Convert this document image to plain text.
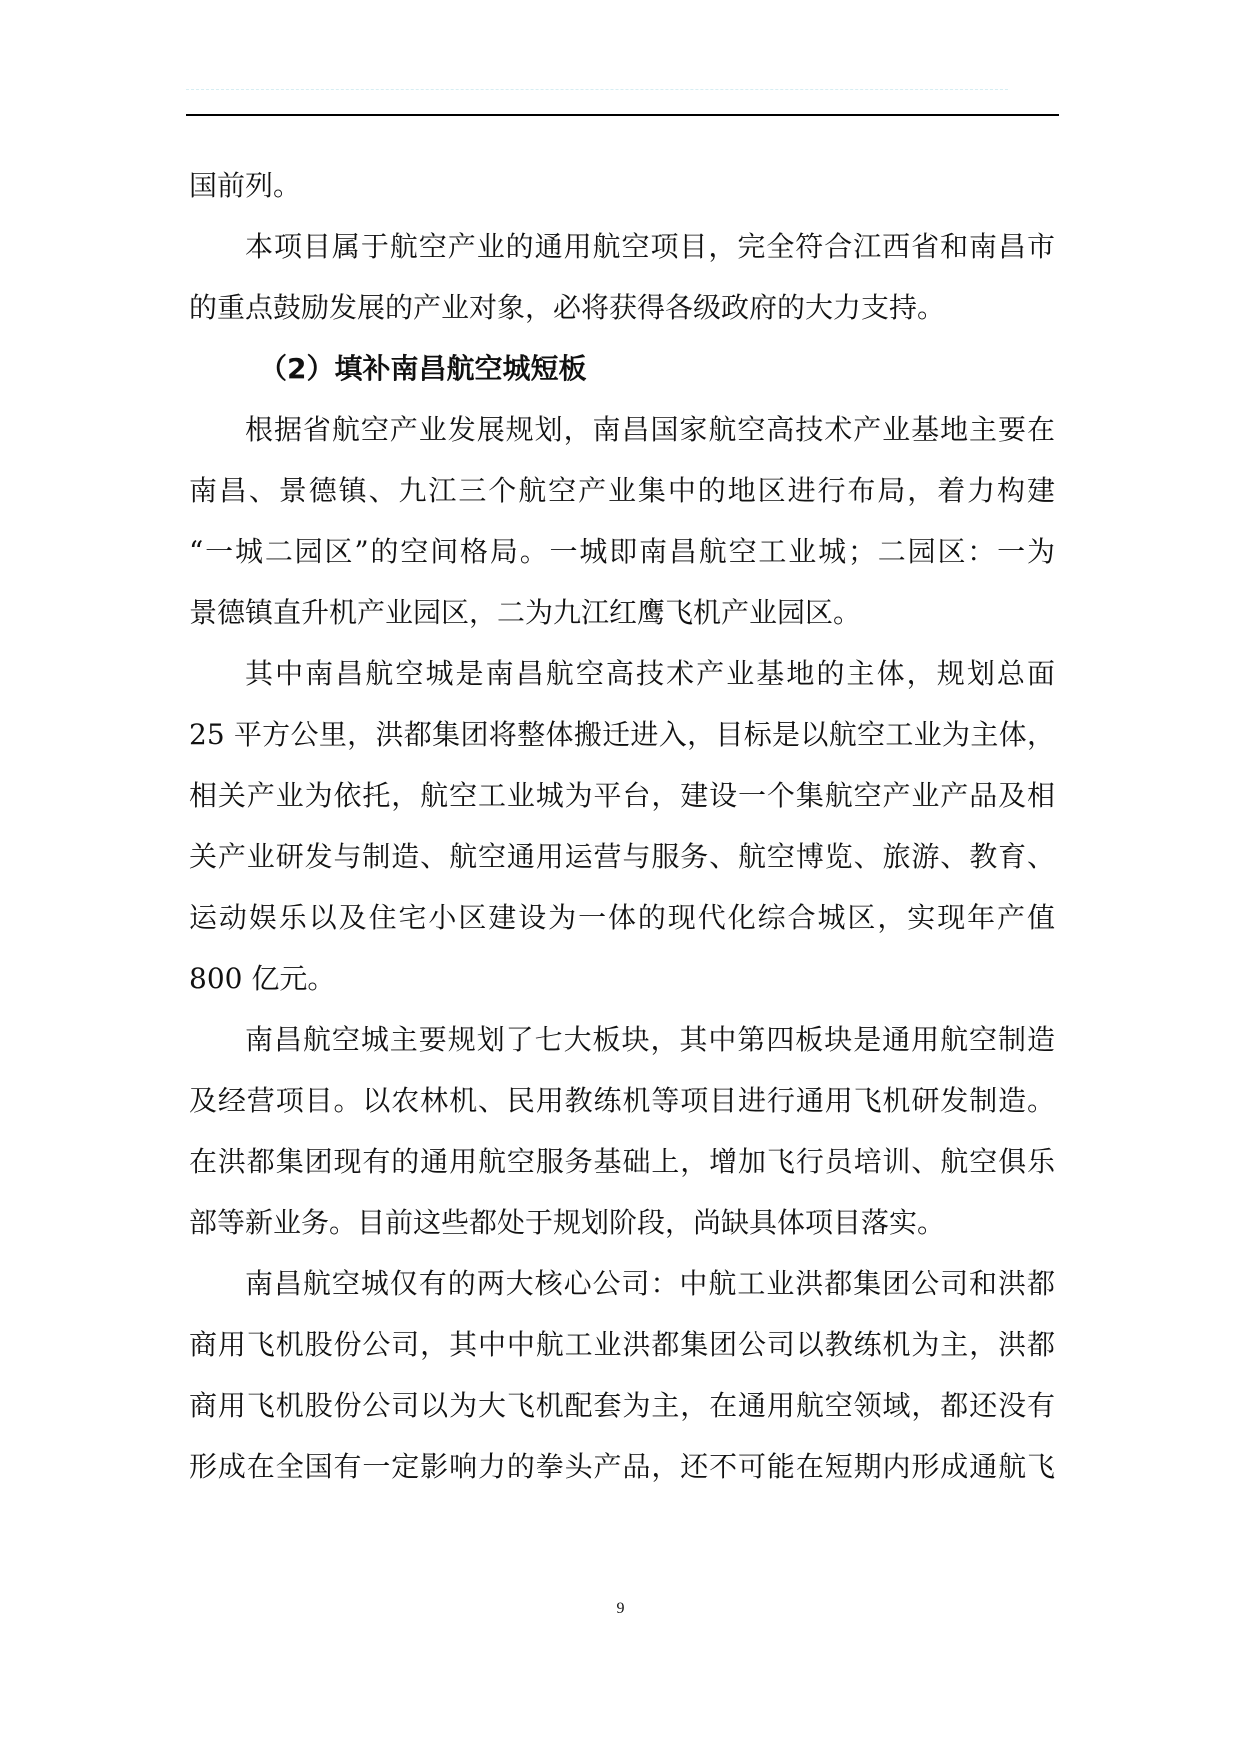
国前列。
本项目属于航空产业的通用航空项目，完全符合江西省和南昌市
的重点鼓励发展的产业对象，必将获得各级政府的大力支持。
（2）填补南昌航空城短板
根据省航空产业发展规划，南昌国家航空高技术产业基地主要在
南昌、景德镇、九江三个航空产业集中的地区进行布局，着力构建
“一城二园区”的空间格局。一城即南昌航空工业城；二园区：一为
景德镇直升机产业园区，二为九江红鹰飞机产业园区。
其中南昌航空城是南昌航空高技术产业基地的主体，规划总面
25 平方公里，洪都集团将整体搬迁进入，目标是以航空工业为主体，
相关产业为依托，航空工业城为平台，建设一个集航空产业产品及相
关产业研发与制造、航空通用运营与服务、航空博览、旅游、教育、
运动娱乐以及住宅小区建设为一体的现代化综合城区，实现年产值
800 亿元。
南昌航空城主要规划了七大板块，其中第四板块是通用航空制造
及经营项目。以农林机、民用教练机等项目进行通用飞机研发制造。
在洪都集团现有的通用航空服务基础上，增加飞行员培训、航空俱乐
部等新业务。目前这些都处于规划阶段，尚缺具体项目落实。
南昌航空城仅有的两大核心公司：中航工业洪都集团公司和洪都
商用飞机股份公司，其中中航工业洪都集团公司以教练机为主，洪都
商用飞机股份公司以为大飞机配套为主，在通用航空领域，都还没有
形成在全国有一定影响力的拳头产品，还不可能在短期内形成通航飞
9
